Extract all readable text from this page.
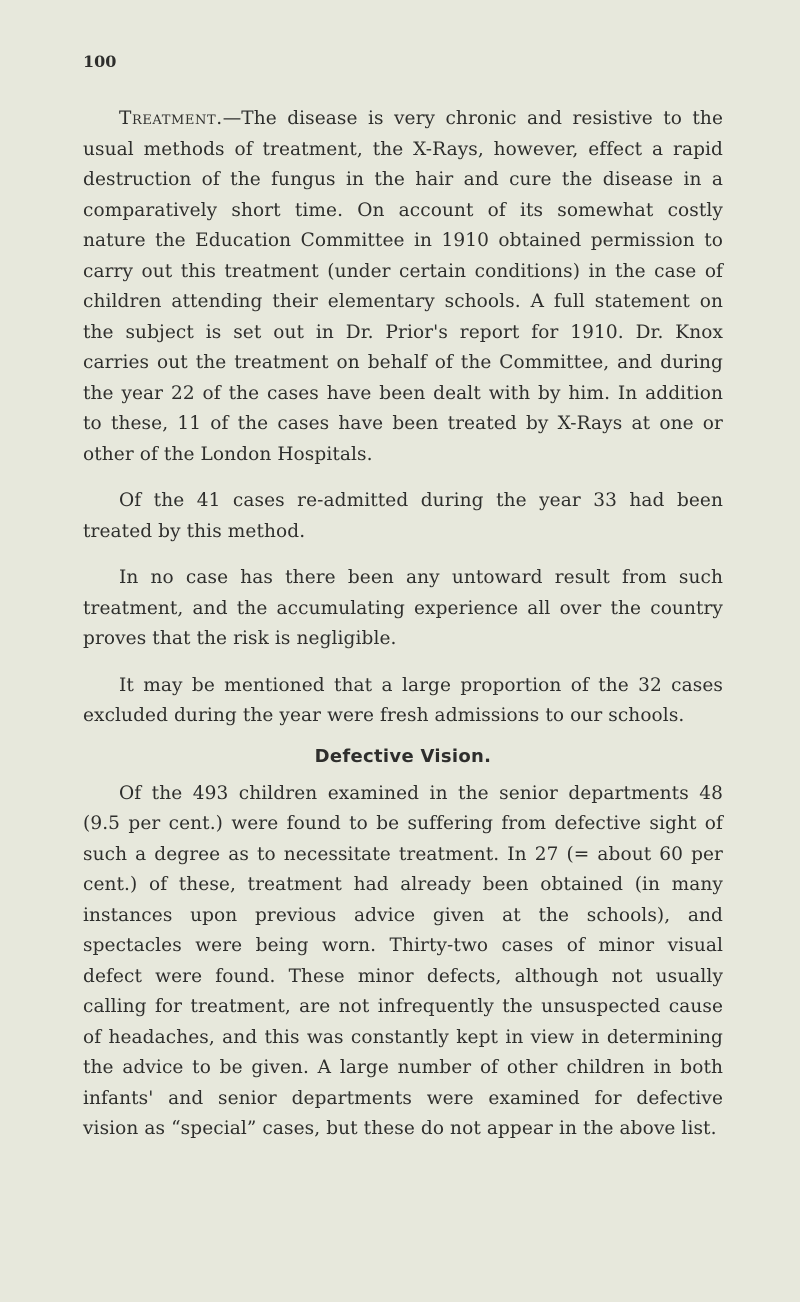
100

Treatment.—The disease is very chronic and resistive to the usual methods of treatment, the X-Rays, however, effect a rapid destruction of the fungus in the hair and cure the disease in a comparatively short time. On account of its somewhat costly nature the Education Committee in 1910 obtained permission to carry out this treatment (under certain conditions) in the case of children attending their elementary schools. A full statement on the subject is set out in Dr. Prior's report for 1910. Dr. Knox carries out the treatment on behalf of the Committee, and during the year 22 of the cases have been dealt with by him. In addition to these, 11 of the cases have been treated by X-Rays at one or other of the London Hospitals.

Of the 41 cases re-admitted during the year 33 had been treated by this method.

In no case has there been any untoward result from such treatment, and the accumulating experience all over the country proves that the risk is negligible.

It may be mentioned that a large proportion of the 32 cases excluded during the year were fresh admissions to our schools.

Defective Vision.

Of the 493 children examined in the senior departments 48 (9.5 per cent.) were found to be suffering from defective sight of such a degree as to necessitate treatment. In 27 (= about 60 per cent.) of these, treatment had already been obtained (in many instances upon previous advice given at the schools), and spectacles were being worn. Thirty-two cases of minor visual defect were found. These minor defects, although not usually calling for treatment, are not infrequently the unsuspected cause of headaches, and this was constantly kept in view in determining the advice to be given. A large number of other children in both infants' and senior departments were examined for defective vision as “special” cases, but these do not appear in the above list.
